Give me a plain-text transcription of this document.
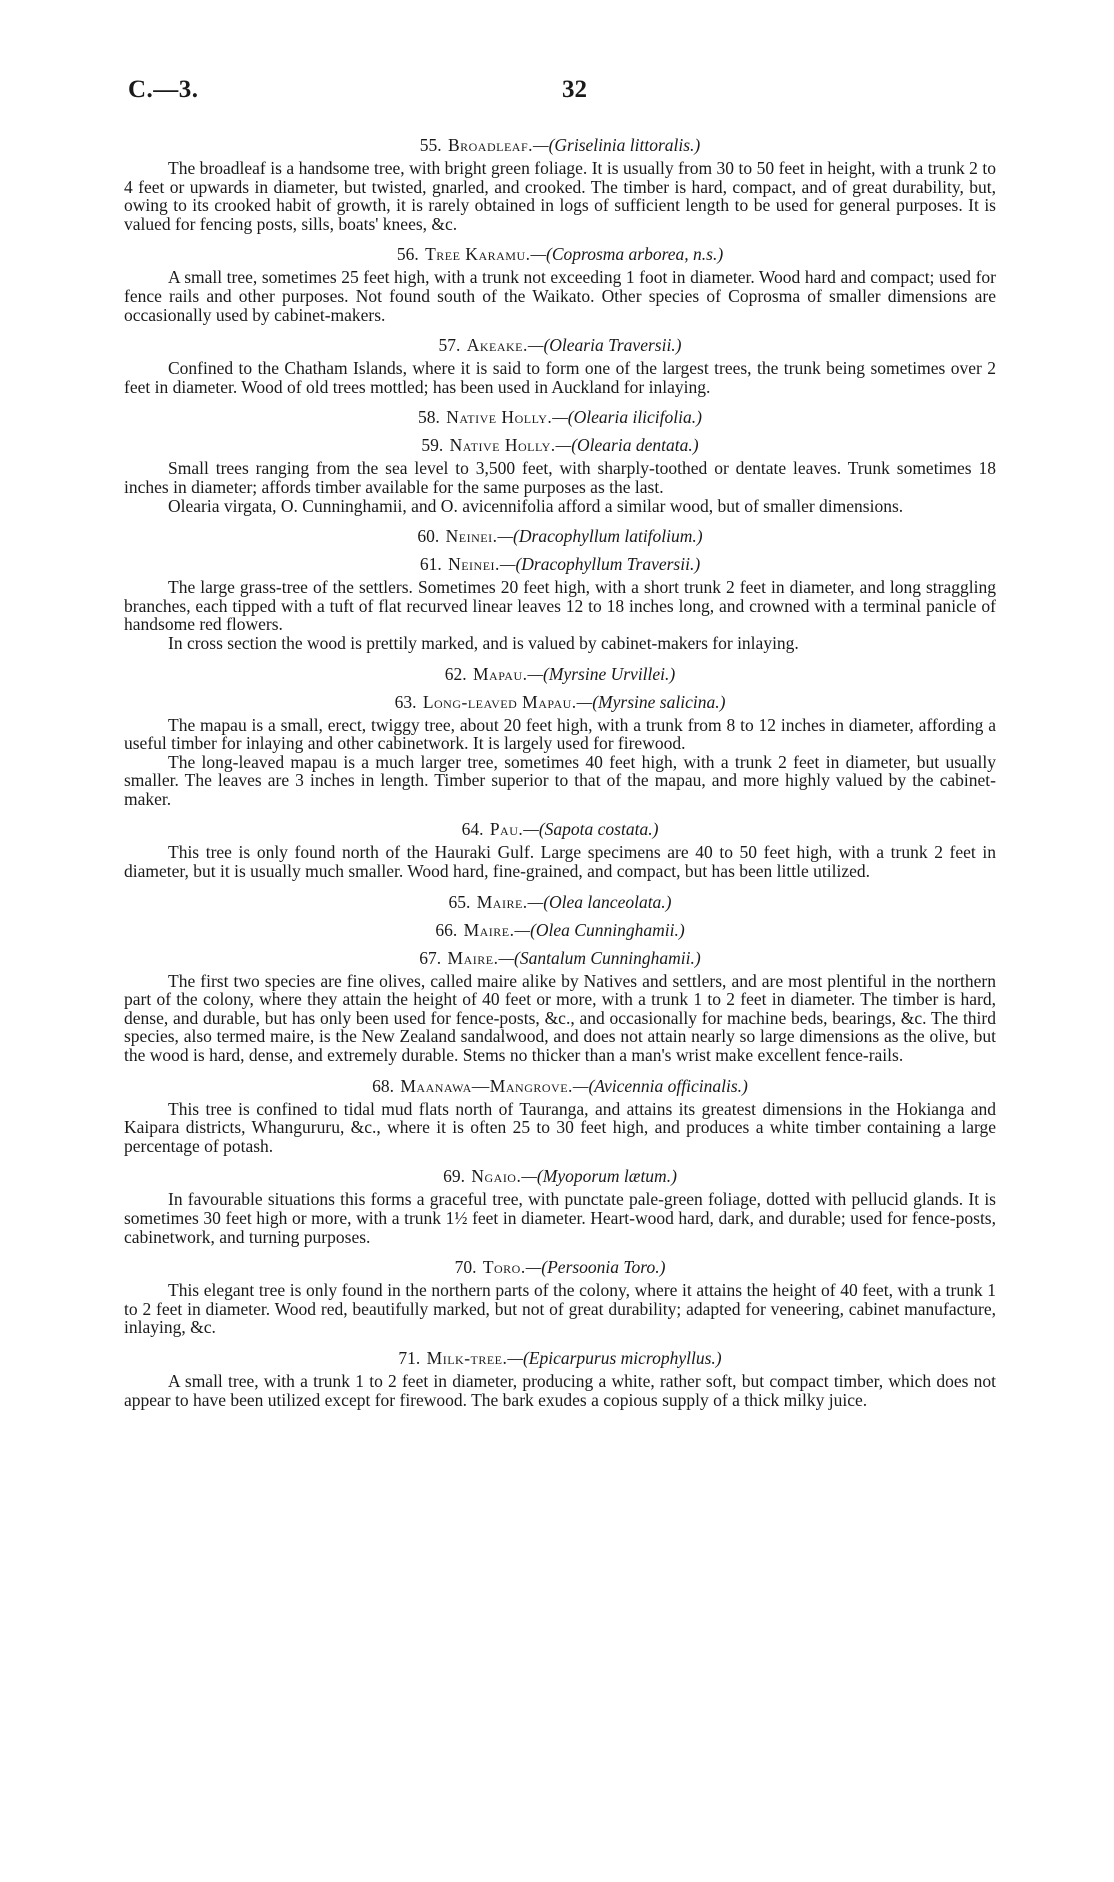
C.—3.	32
55. Broadleaf.—(Griselinia littoralis.)

The broadleaf is a handsome tree, with bright green foliage. It is usually from 30 to 50 feet in height, with a trunk 2 to 4 feet or upwards in diameter, but twisted, gnarled, and crooked. The timber is hard, compact, and of great durability, but, owing to its crooked habit of growth, it is rarely obtained in logs of sufficient length to be used for general purposes. It is valued for fencing posts, sills, boats' knees, &c.

56. Tree Karamu.—(Coprosma arborea, n.s.)

A small tree, sometimes 25 feet high, with a trunk not exceeding 1 foot in diameter. Wood hard and compact; used for fence rails and other purposes. Not found south of the Waikato. Other species of Coprosma of smaller dimensions are occasionally used by cabinet-makers.

57. Akeake.—(Olearia Traversii.)

Confined to the Chatham Islands, where it is said to form one of the largest trees, the trunk being sometimes over 2 feet in diameter. Wood of old trees mottled; has been used in Auckland for inlaying.

58. Native Holly.—(Olearia ilicifolia.)
59. Native Holly.—(Olearia dentata.)

Small trees ranging from the sea level to 3,500 feet, with sharply-toothed or dentate leaves. Trunk sometimes 18 inches in diameter; affords timber available for the same purposes as the last.

Olearia virgata, O. Cunninghamii, and O. avicennifolia afford a similar wood, but of smaller dimensions.

60. Neinei.—(Dracophyllum latifolium.)
61. Neinei.—(Dracophyllum Traversii.)

The large grass-tree of the settlers. Sometimes 20 feet high, with a short trunk 2 feet in diameter, and long straggling branches, each tipped with a tuft of flat recurved linear leaves 12 to 18 inches long, and crowned with a terminal panicle of handsome red flowers.

In cross section the wood is prettily marked, and is valued by cabinet-makers for inlaying.

62. Mapau.—(Myrsine Urvillei.)
63. Long-leaved Mapau.—(Myrsine salicina.)

The mapau is a small, erect, twiggy tree, about 20 feet high, with a trunk from 8 to 12 inches in diameter, affording a useful timber for inlaying and other cabinetwork. It is largely used for firewood.

The long-leaved mapau is a much larger tree, sometimes 40 feet high, with a trunk 2 feet in diameter, but usually smaller. The leaves are 3 inches in length. Timber superior to that of the mapau, and more highly valued by the cabinet-maker.

64. Pau.—(Sapota costata.)

This tree is only found north of the Hauraki Gulf. Large specimens are 40 to 50 feet high, with a trunk 2 feet in diameter, but it is usually much smaller. Wood hard, fine-grained, and compact, but has been little utilized.

65. Maire.—(Olea lanceolata.)
66. Maire.—(Olea Cunninghamii.)
67. Maire.—(Santalum Cunninghamii.)

The first two species are fine olives, called maire alike by Natives and settlers, and are most plentiful in the northern part of the colony, where they attain the height of 40 feet or more, with a trunk 1 to 2 feet in diameter. The timber is hard, dense, and durable, but has only been used for fence-posts, &c., and occasionally for machine beds, bearings, &c. The third species, also termed maire, is the New Zealand sandalwood, and does not attain nearly so large dimensions as the olive, but the wood is hard, dense, and extremely durable. Stems no thicker than a man's wrist make excellent fence-rails.

68. Maanawa—Mangrove.—(Avicennia officinalis.)

This tree is confined to tidal mud flats north of Tauranga, and attains its greatest dimensions in the Hokianga and Kaipara districts, Whangururu, &c., where it is often 25 to 30 feet high, and produces a white timber containing a large percentage of potash.

69. Ngaio.—(Myoporum lætum.)

In favourable situations this forms a graceful tree, with punctate pale-green foliage, dotted with pellucid glands. It is sometimes 30 feet high or more, with a trunk 1½ feet in diameter. Heart-wood hard, dark, and durable; used for fence-posts, cabinetwork, and turning purposes.

70. Toro.—(Persoonia Toro.)

This elegant tree is only found in the northern parts of the colony, where it attains the height of 40 feet, with a trunk 1 to 2 feet in diameter. Wood red, beautifully marked, but not of great durability; adapted for veneering, cabinet manufacture, inlaying, &c.

71. Milk-tree.—(Epicarpurus microphyllus.)

A small tree, with a trunk 1 to 2 feet in diameter, producing a white, rather soft, but compact timber, which does not appear to have been utilized except for firewood. The bark exudes a copious supply of a thick milky juice.
